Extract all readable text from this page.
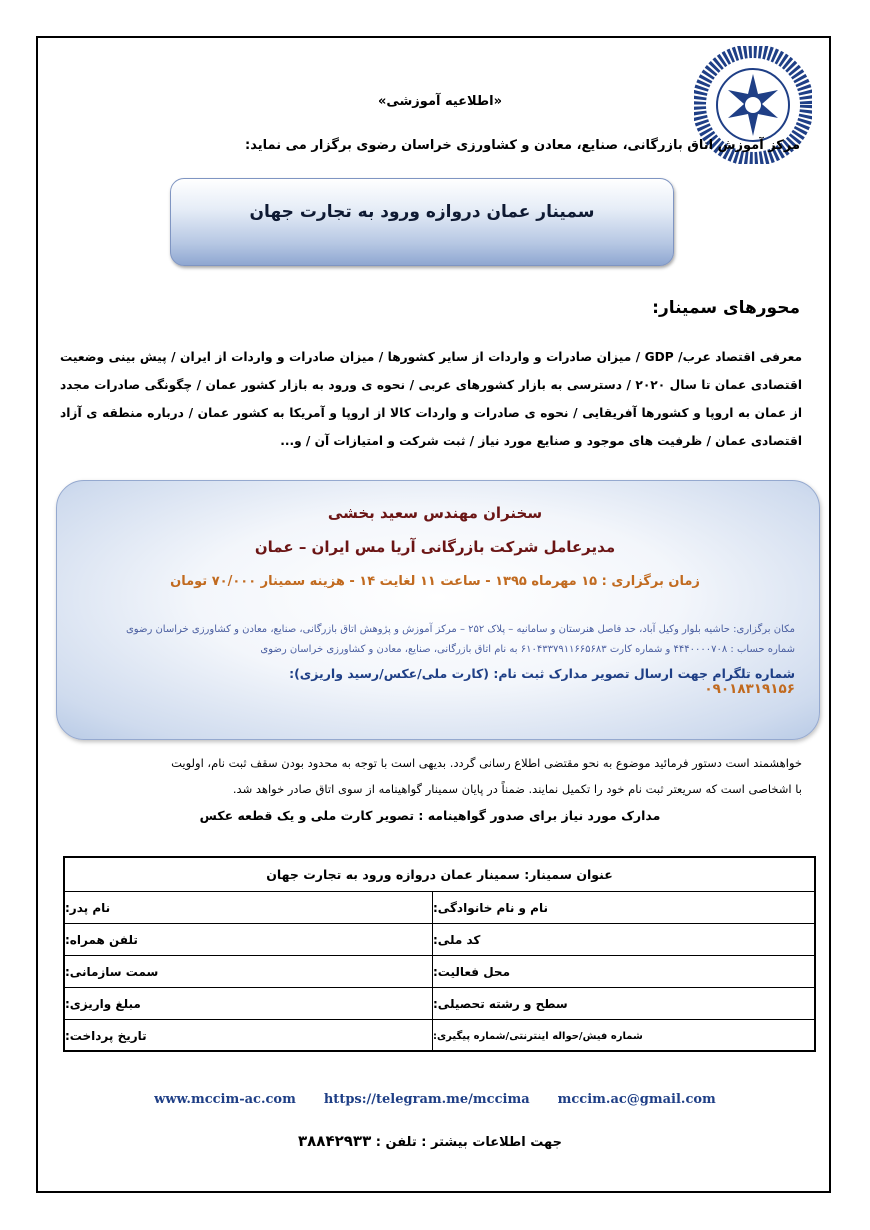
«اطلاعیه آموزشی»
مرکز آموزش اتاق بازرگانی، صنایع، معادن و کشاورزی خراسان رضوی برگزار می نماید:
سمینار عمان دروازه ورود به تجارت جهان
محورهای سمینار:
معرفی اقتصاد عرب/ GDP / میزان صادرات و واردات از سایر کشورها / میزان صادرات و واردات از ایران / پیش بینی وضعیت اقتصادی عمان تا سال ۲۰۲۰ / دسترسی به بازار کشورهای عربی / نحوه ی ورود به بازار کشور عمان / چگونگی صادرات مجدد از عمان به اروپا و کشورها آفریقایی / نحوه ی صادرات و واردات کالا از اروپا و آمریکا به کشور عمان / درباره منطقه ی آزاد اقتصادی عمان / ظرفیت های موجود و صنایع مورد نیاز / ثبت شرکت و امتیازات آن / و...
سخنران مهندس سعید بخشی
مدیرعامل شرکت بازرگانی آریا مس ایران – عمان
زمان برگزاری : ۱۵ مهرماه ۱۳۹۵ - ساعت ۱۱ لغایت ۱۴ - هزینه سمینار ۷۰/۰۰۰ تومان
مکان برگزاری: حاشیه بلوار وکیل آباد، حد فاصل هنرستان و سامانیه – پلاک ۲۵۲ – مرکز آموزش و پژوهش اتاق بازرگانی، صنایع، معادن و کشاورزی خراسان رضوی
شماره حساب : ۴۴۴۰۰۰۰۷۰۸ و شماره کارت ۶۱۰۴۳۳۷۹۱۱۶۶۵۶۸۳ به نام اتاق بازرگانی، صنایع، معادن و کشاورزی خراسان رضوی
شماره تلگرام جهت ارسال تصویر مدارک ثبت نام: (کارت ملی/عکس/رسید واریزی): ۰۹۰۱۸۳۱۹۱۵۶
خواهشمند است دستور فرمائید موضوع به نحو مقتضی اطلاع رسانی گردد. بدیهی است با توجه به محدود بودن سقف ثبت نام، اولویت
با اشخاصی است که سریعتر ثبت نام خود را تکمیل نمایند. ضمناً در پایان سمینار گواهینامه از سوی اتاق صادر خواهد شد.
مدارک مورد نیاز برای صدور گواهینامه : تصویر کارت ملی و یک قطعه عکس
عنوان سمینار: سمینار عمان دروازه ورود به تجارت جهان
نام و نام خانوادگی:
نام پدر:
کد ملی:
تلفن همراه:
محل فعالیت:
سمت سازمانی:
سطح و رشته تحصیلی:
مبلغ واریزی:
شماره فیش/حواله اینترنتی/شماره پیگیری:
تاریخ پرداخت:
www.mccim-ac.com https://telegram.me/mccima mccim.ac@gmail.com
جهت اطلاعات بیشتر : تلفن : ۳۸۸۴۲۹۳۳
